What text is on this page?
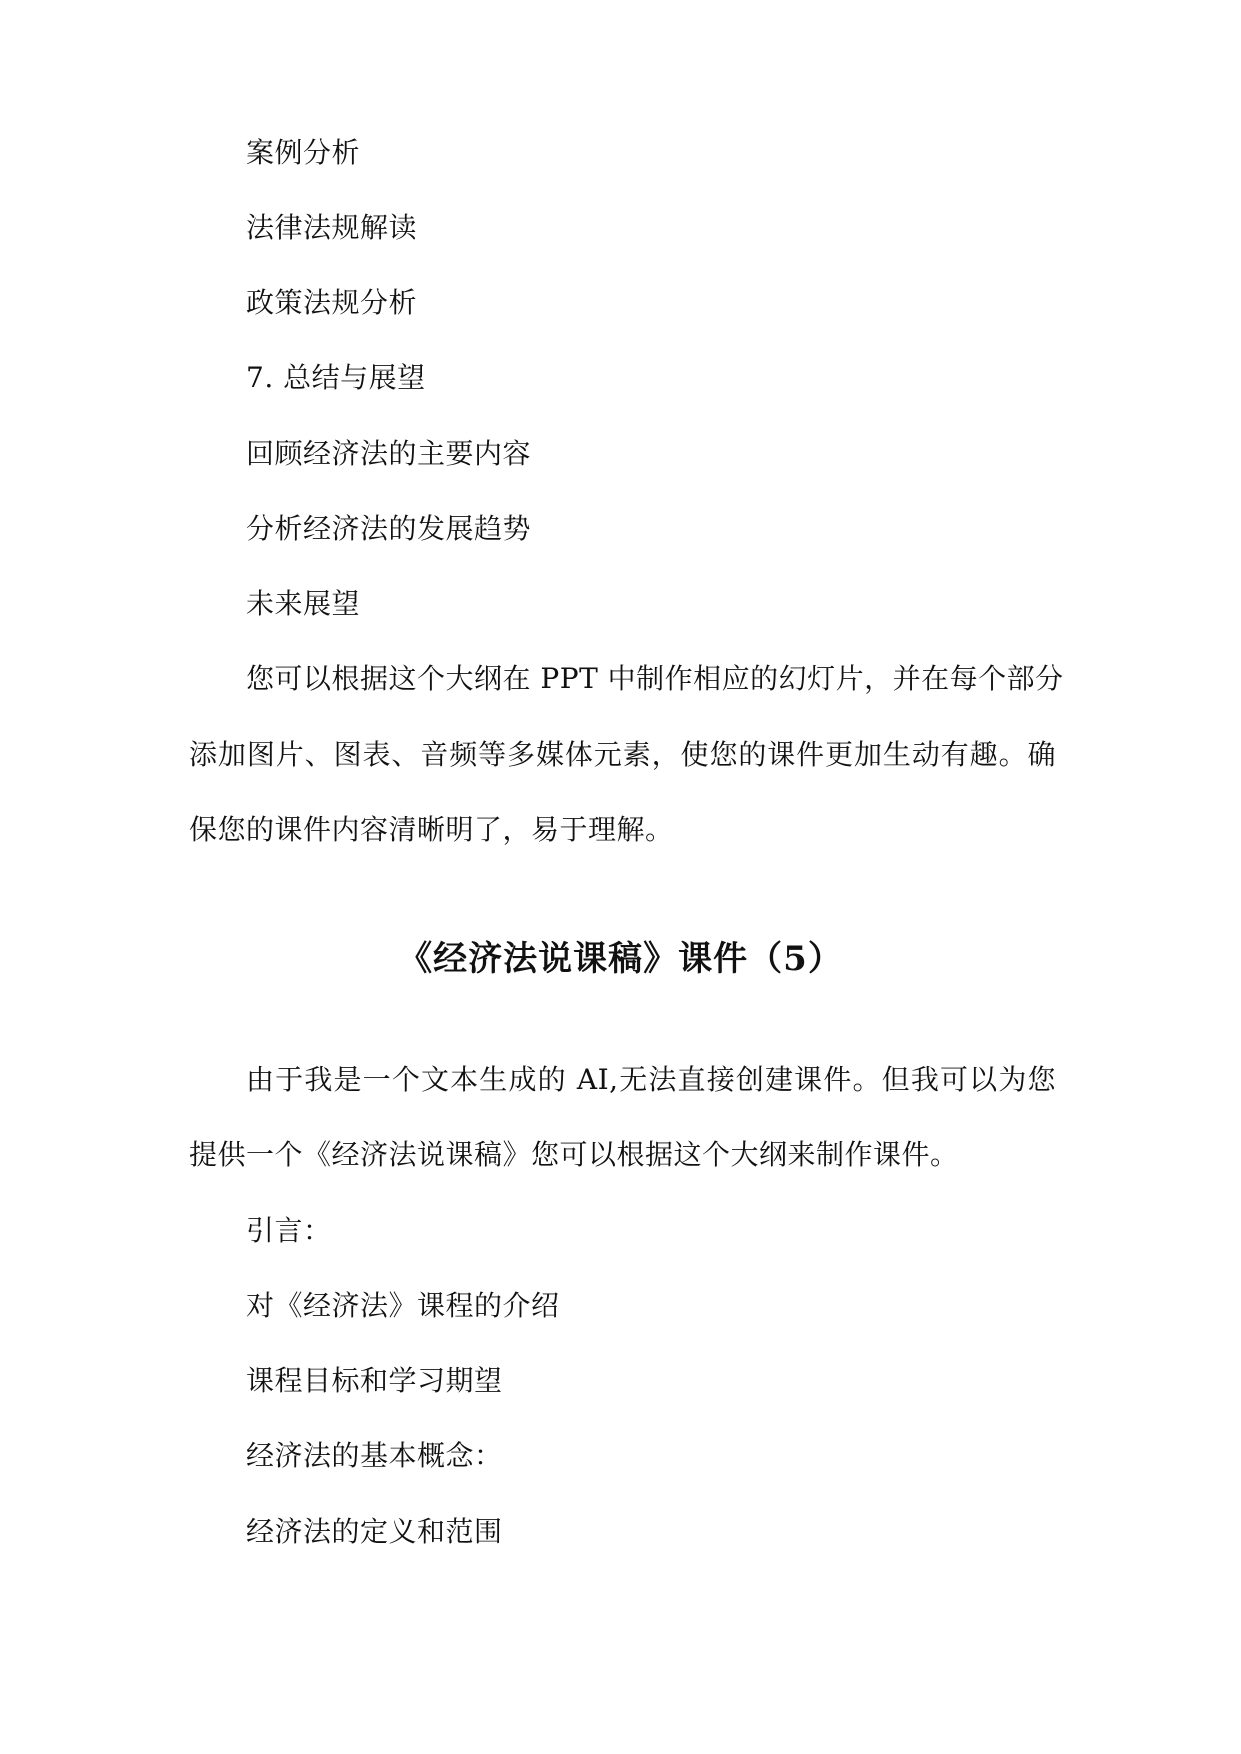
案例分析
法律法规解读
政策法规分析
7. 总结与展望
回顾经济法的主要内容
分析经济法的发展趋势
未来展望
您可以根据这个大纲在 PPT 中制作相应的幻灯片，并在每个部分
添加图片、图表、音频等多媒体元素，使您的课件更加生动有趣。确
保您的课件内容清晰明了，易于理解。
《经济法说课稿》课件（5）
由于我是一个文本生成的 AI,无法直接创建课件。但我可以为您
提供一个《经济法说课稿》您可以根据这个大纲来制作课件。
引言：
对《经济法》课程的介绍
课程目标和学习期望
经济法的基本概念：
经济法的定义和范围
